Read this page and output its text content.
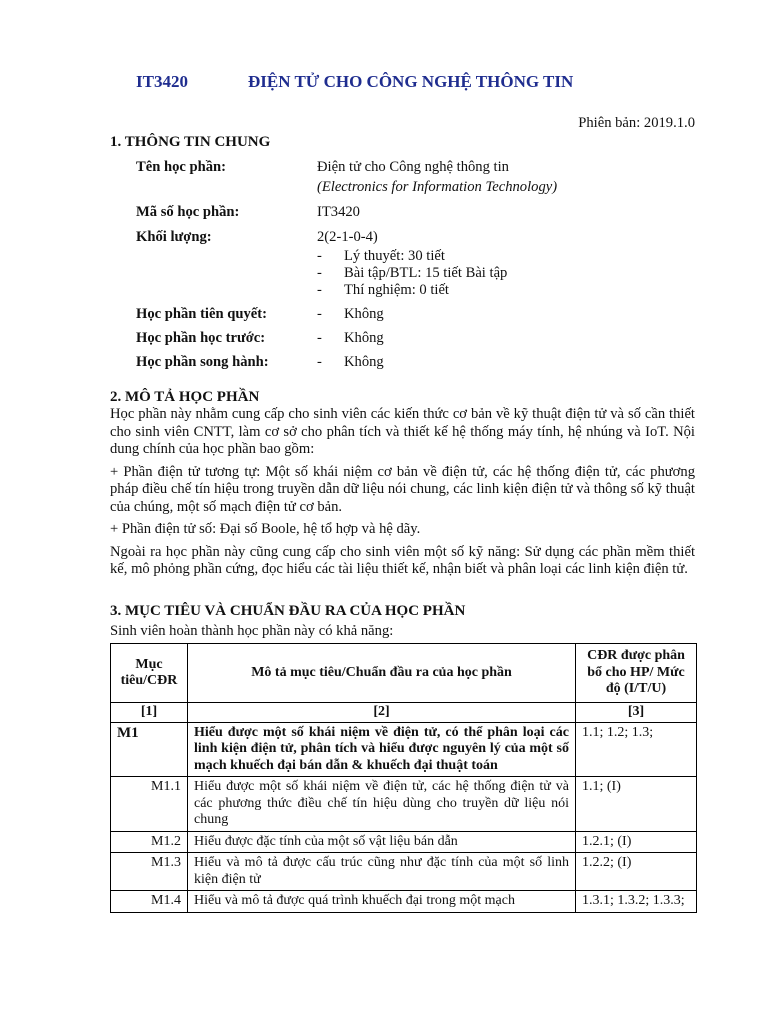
IT3420	ĐIỆN TỬ CHO CÔNG NGHỆ THÔNG TIN
Phiên bản: 2019.1.0
1. THÔNG TIN CHUNG
Tên học phần:	Điện tử cho Công nghệ thông tin
(Electronics for Information Technology)
Mã số học phần:	IT3420
Khối lượng:	2(2-1-0-4)
- Lý thuyết: 30 tiết
- Bài tập/BTL: 15 tiết Bài tập
- Thí nghiệm: 0 tiết
Học phần tiên quyết:	- Không
Học phần học trước:	- Không
Học phần song hành:	- Không
2. MÔ TẢ HỌC PHẦN

Học phần này nhằm cung cấp cho sinh viên các kiến thức cơ bản về kỹ thuật điện tử và số cần thiết cho sinh viên CNTT, làm cơ sở cho phân tích và thiết kế hệ thống máy tính, hệ nhúng và IoT. Nội dung chính của học phần bao gồm:

+ Phần điện tử tương tự: Một số khái niệm cơ bản về điện tử, các hệ thống điện tử, các phương pháp điều chế tín hiệu trong truyền dẫn dữ liệu nói chung, các linh kiện điện tử và thông số kỹ thuật của chúng, một số mạch điện tử cơ bản.

+ Phần điện tử số: Đại số Boole, hệ tổ hợp và hệ dãy.

Ngoài ra học phần này cũng cung cấp cho sinh viên một số kỹ năng: Sử dụng các phần mềm thiết kế, mô phỏng phần cứng, đọc hiểu các tài liệu thiết kế, nhận biết và phân loại các linh kiện điện tử.

3. MỤC TIÊU VÀ CHUẨN ĐẦU RA CỦA HỌC PHẦN
Sinh viên hoàn thành học phần này có khả năng:
Mục tiêu/CĐR	Mô tả mục tiêu/Chuẩn đầu ra của học phần	CĐR được phân bổ cho HP/ Mức độ (I/T/U)
[1]	[2]	[3]
M1	Hiểu được một số khái niệm về điện tử, có thể phân loại các linh kiện điện tử, phân tích và hiểu được nguyên lý của một số mạch khuếch đại bán dẫn & khuếch đại thuật toán	1.1; 1.2; 1.3;
M1.1	Hiểu được một số khái niệm về điện tử, các hệ thống điện tử và các phương thức điều chế tín hiệu dùng cho truyền dữ liệu nói chung	1.1; (I)
M1.2	Hiểu được đặc tính của một số vật liệu bán dẫn	1.2.1; (I)
M1.3	Hiểu và mô tả được cấu trúc cũng như đặc tính của một số linh kiện điện tử	1.2.2; (I)
M1.4	Hiểu và mô tả được quá trình khuếch đại trong một mạch	1.3.1; 1.3.2; 1.3.3;
